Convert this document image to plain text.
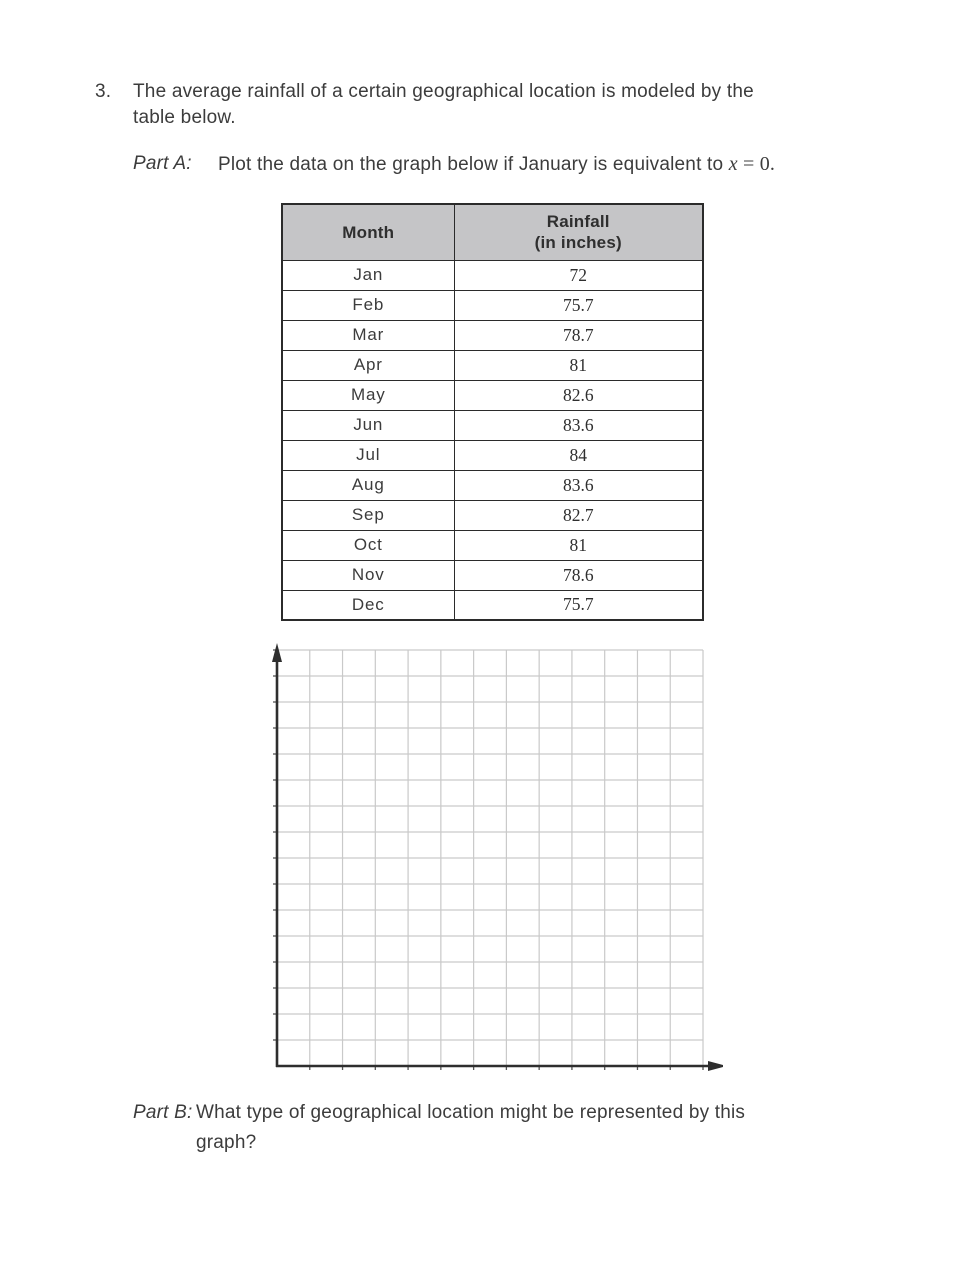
3.	The average rainfall of a certain geographical location is modeled by the
table below.
Part A:	Plot the data on the graph below if January is equivalent to x = 0.
Month	Rainfall
(in inches)
Jan	72
Feb	75.7
Mar	78.7
Apr	81
May	82.6
Jun	83.6
Jul	84
Aug	83.6
Sep	82.7
Oct	81
Nov	78.6
Dec	75.7
Part B: What type of geographical location might be represented by this
graph?
